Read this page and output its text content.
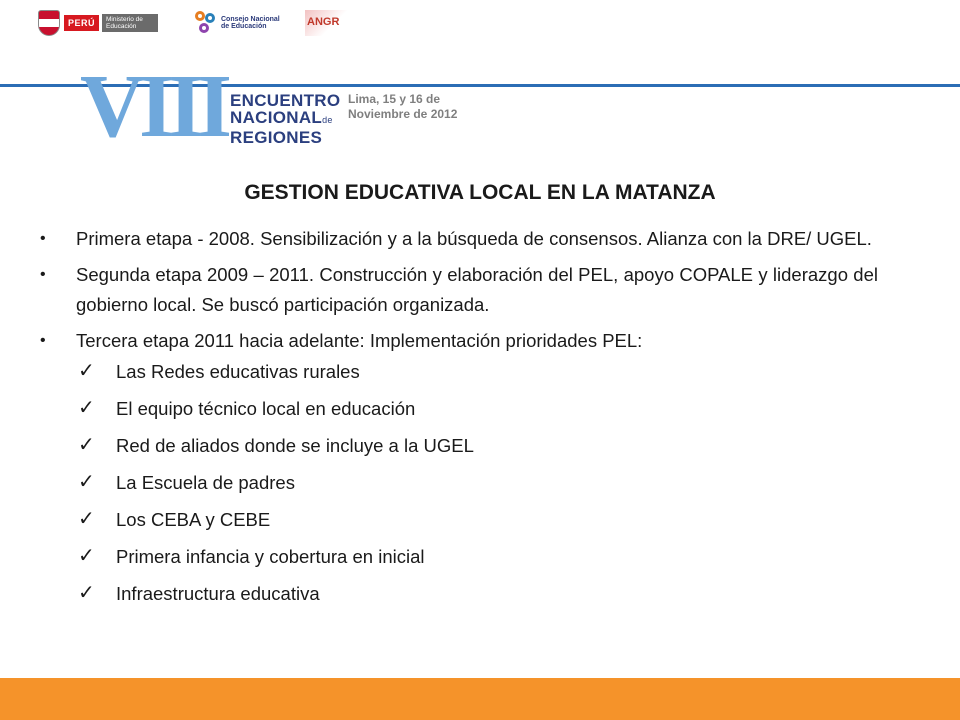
PERÚ	Ministerio de Educación
Consejo Nacional de Educación	ANGR
VIII ENCUENTRO
NACIONALde
REGIONES
Lima, 15 y 16 de
Noviembre de 2012
GESTION EDUCATIVA LOCAL EN LA MATANZA
• Primera etapa - 2008. Sensibilización y a la búsqueda de consensos. Alianza con la DRE/ UGEL.
• Segunda etapa 2009 – 2011. Construcción y elaboración del PEL, apoyo COPALE y liderazgo del gobierno local. Se buscó participación organizada.
• Tercera etapa 2011 hacia adelante: Implementación prioridades PEL:
✓ Las Redes educativas rurales
✓ El equipo técnico local en educación
✓ Red de aliados donde se incluye a la UGEL
✓ La Escuela de padres
✓ Los CEBA y CEBE
✓ Primera infancia y cobertura en inicial
✓ Infraestructura educativa
